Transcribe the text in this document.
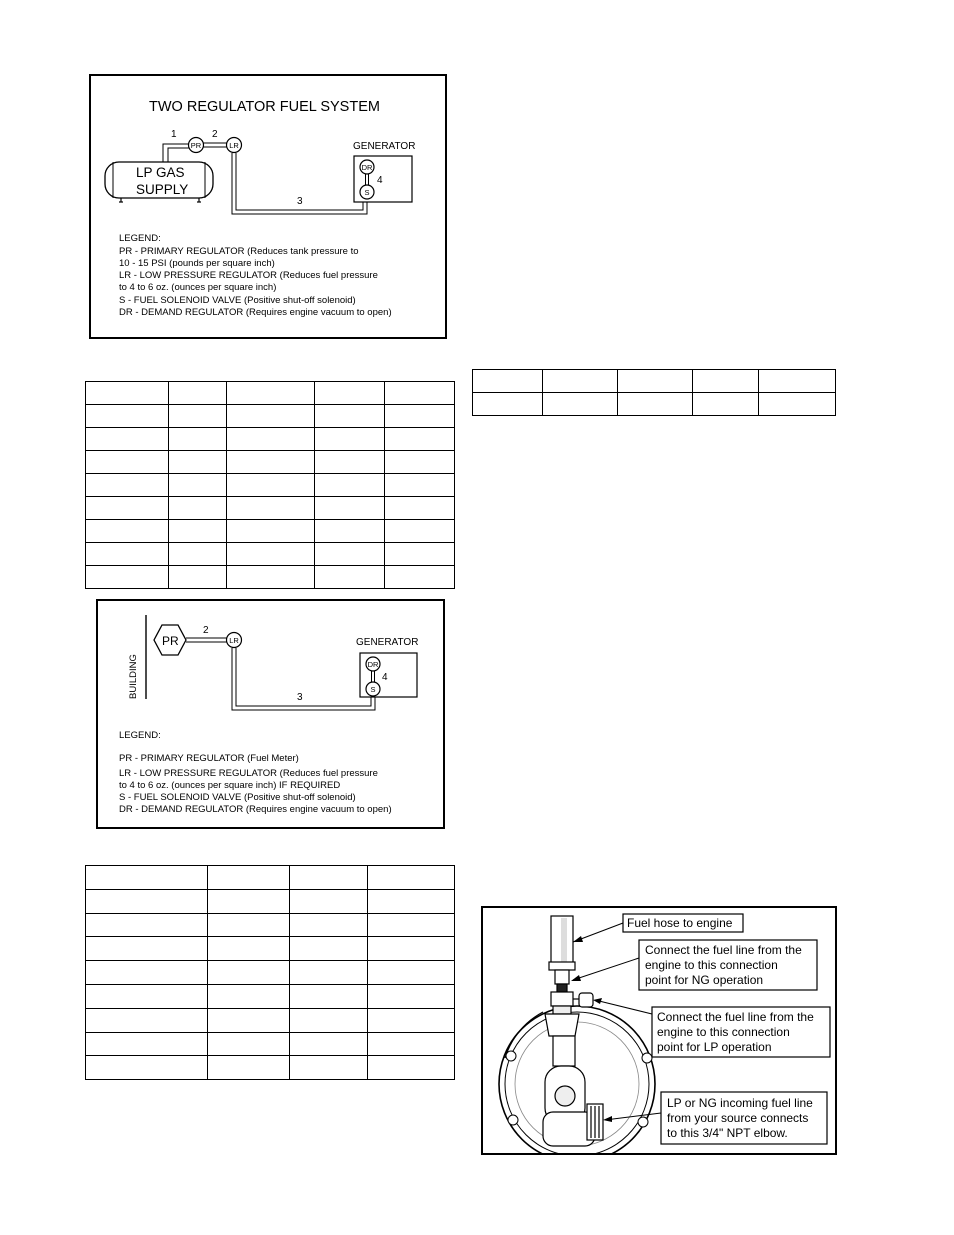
TWO REGULATOR FUEL SYSTEM
LP GAS
SUPPLY
1
PR
2
LR
3
GENERATOR
DR
4
S
LEGEND:
PR - PRIMARY REGULATOR (Reduces tank pressure to
10 - 15 PSI (pounds per square inch)
LR - LOW PRESSURE REGULATOR (Reduces fuel pressure
to 4 to 6 oz. (ounces per square inch)
S - FUEL SOLENOID VALVE (Positive shut-off solenoid)
DR - DEMAND REGULATOR (Requires engine vacuum to open)

BUILDING
PR
2
LR
3
GENERATOR
DR
4
S
LEGEND:
PR - PRIMARY REGULATOR (Fuel Meter)
LR - LOW PRESSURE REGULATOR (Reduces fuel pressure
to 4 to 6 oz. (ounces per square inch) IF REQUIRED
S - FUEL SOLENOID VALVE (Positive shut-off solenoid)
DR - DEMAND REGULATOR (Requires engine vacuum to open)

Fuel hose to engine
Connect the fuel line from the
engine to this connection
point for NG operation
Connect the fuel line from the
engine to this connection
point for LP operation
LP or NG incoming fuel line
from your source connects
to this 3/4" NPT elbow.
